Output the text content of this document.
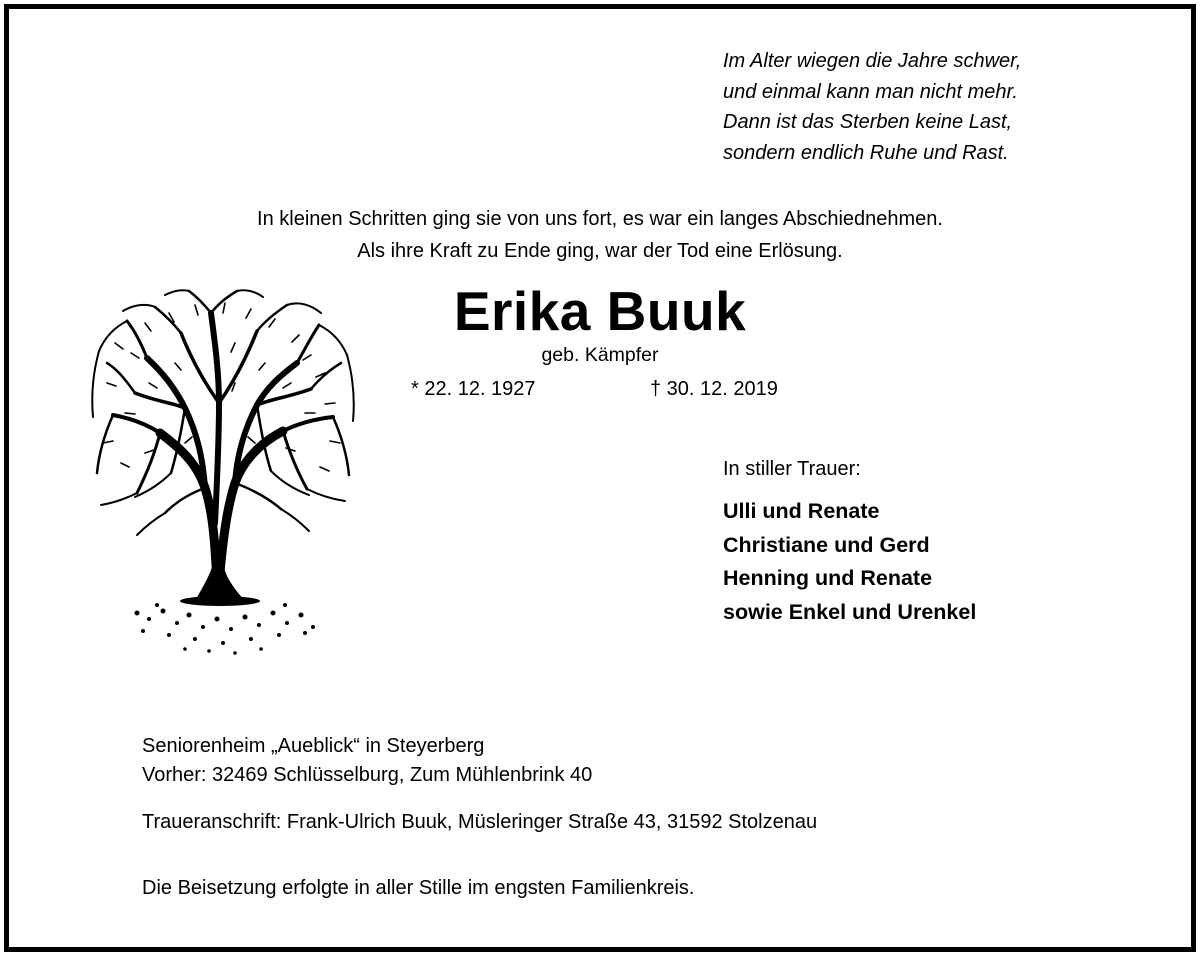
Im Alter wiegen die Jahre schwer,
und einmal kann man nicht mehr.
Dann ist das Sterben keine Last,
sondern endlich Ruhe und Rast.
In kleinen Schritten ging sie von uns fort, es war ein langes Abschiednehmen.
Als ihre Kraft zu Ende ging, war der Tod eine Erlösung.
Erika Buuk
geb. Kämpfer
* 22. 12. 1927	† 30. 12. 2019
In stiller Trauer:
Ulli und Renate
Christiane und Gerd
Henning und Renate
sowie Enkel und Urenkel
Seniorenheim „Aueblick“ in Steyerberg
Vorher: 32469 Schlüsselburg, Zum Mühlenbrink 40
Traueranschrift: Frank-Ulrich Buuk, Müsleringer Straße 43, 31592 Stolzenau
Die Beisetzung erfolgte in aller Stille im engsten Familienkreis.
